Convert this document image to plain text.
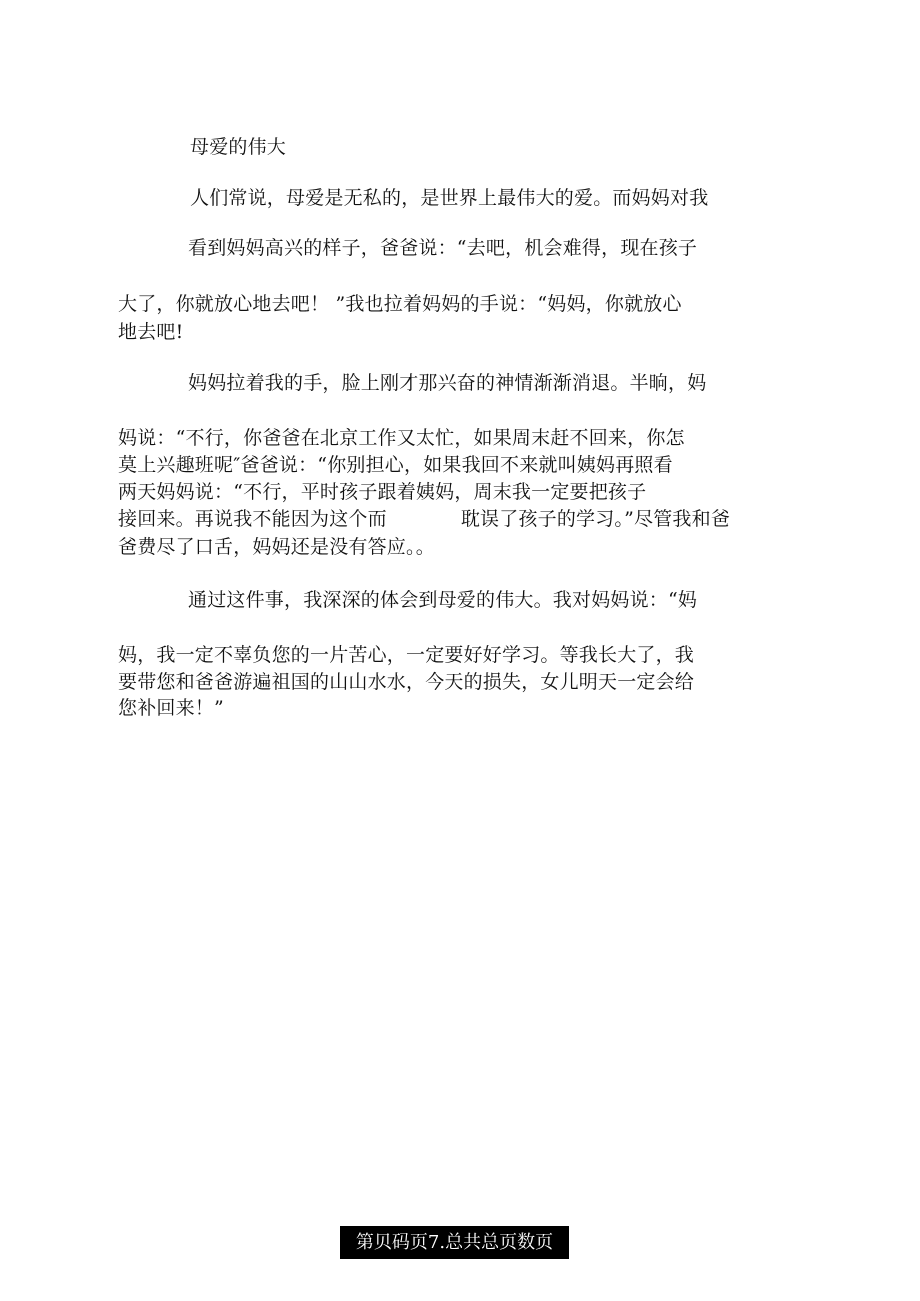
母爱的伟大
人们常说，母爱是无私的，是世界上最伟大的爱。而妈妈对我
看到妈妈高兴的样子，爸爸说：“去吧，机会难得，现在孩子
大了，你就放心地去吧！ ”我也拉着妈妈的手说：“妈妈，你就放心
地去吧!
妈妈拉着我的手，脸上刚才那兴奋的神情渐渐消退。半晌，妈
妈说：“不行，你爸爸在北京工作又太忙，如果周末赶不回来，你怎
莫上兴趣班呢″爸爸说：“你别担心，如果我回不来就叫姨妈再照看
两天妈妈说：“不行，平时孩子跟着姨妈，周末我一定要把孩子
接回来。再说我不能因为这个而	耽误了孩子的学习。”尽管我和爸
爸费尽了口舌，妈妈还是没有答应。。
通过这件事，我深深的体会到母爱的伟大。我对妈妈说：“妈
妈，我一定不辜负您的一片苦心，一定要好好学习。等我长大了，我
要带您和爸爸游遍祖国的山山水水，今天的损失，女儿明天一定会给
您补回来！”
第贝码页7.总共总页数页
